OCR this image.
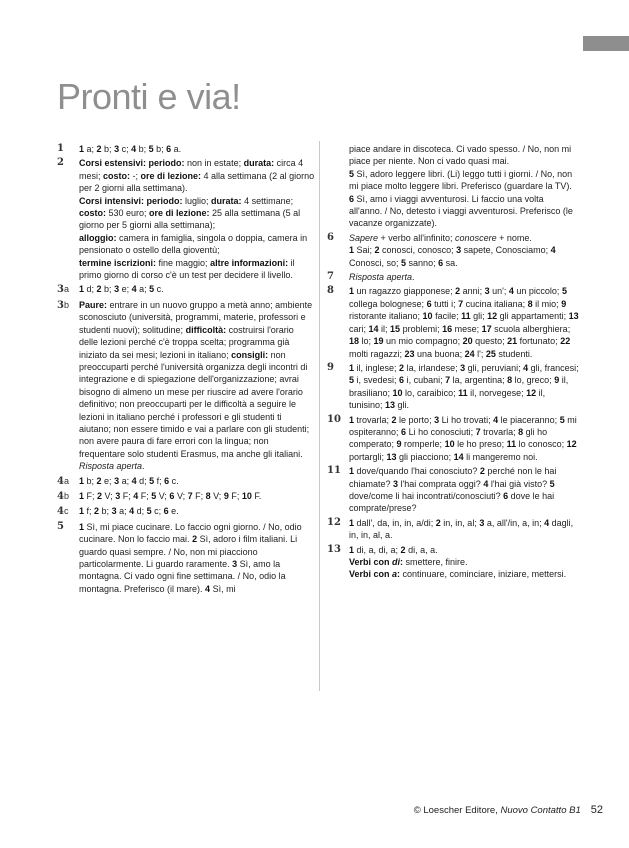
Pronti e via!
1	1 a; 2 b; 3 c; 4 b; 5 b; 6 a.

2	Corsi estensivi: periodo: non in estate; durata: circa 4 mesi; costo: -; ore di lezione: 4 alla settimana (2 al giorno per 2 giorni alla settimana).

Corsi intensivi: periodo: luglio; durata: 4 settimane; costo: 530 euro; ore di lezione: 25 alla settimana (5 al giorno per 5 giorni alla settimana);

alloggio: camera in famiglia, singola o doppia, camera in pensionato o ostello della gioventù;

termine iscrizioni: fine maggio; altre informazioni: il primo giorno di corso c'è un test per decidere il livello.

3a	1 d; 2 b; 3 e; 4 a; 5 c.

3b	Paure: entrare in un nuovo gruppo a metà anno; ambiente sconosciuto (università, programmi, materie, professori e studenti nuovi); solitudine; difficoltà: costruirsi l'orario delle lezioni perché c'è troppa scelta; programma già iniziato da sei mesi; lezioni in italiano; consigli: non preoccuparti perché l'università organizza degli incontri di integrazione e di spiegazione dell'organizzazione; avrai bisogno di almeno un mese per riuscire ad avere l'orario definitivo; non preoccuparti per le difficoltà a seguire le lezioni in italiano perché i professori e gli studenti ti aiutano; non essere timido e vai a parlare con gli studenti; non avere paura di fare errori con la lingua; non frequentare solo studenti Erasmus, ma anche gli italiani.

Risposta aperta.

4a	1 b; 2 e; 3 a; 4 d; 5 f; 6 c.

4b	1 F; 2 V; 3 F; 4 F; 5 V; 6 V; 7 F; 8 V; 9 F; 10 F.

4c	1 f; 2 b; 3 a; 4 d; 5 c; 6 e.

5	1 Sì, mi piace cucinare. Lo faccio ogni giorno. / No, odio cucinare. Non lo faccio mai. 2 Sì, adoro i film italiani. Li guardo quasi sempre. / No, non mi piacciono particolarmente. Li guardo raramente. 3 Sì, amo la montagna. Ci vado ogni fine settimana. / No, odio la montagna. Preferisco (il mare). 4 Sì, mi

piace andare in discoteca. Ci vado spesso. / No, non mi piace per niente. Non ci vado quasi mai.

5 Sì, adoro leggere libri. (Li) leggo tutti i giorni. / No, non mi piace molto leggere libri. Preferisco (guardare la TV). 6 Sì, amo i viaggi avventurosi. Li faccio una volta all'anno. / No, detesto i viaggi avventurosi. Preferisco (le vacanze organizzate).

6	Sapere + verbo all'infinito; conoscere + nome.

1 Sai; 2 conosci, conosco; 3 sapete, Conosciamo; 4 Conosci, so; 5 sanno; 6 sa.

7	Risposta aperta.

8	1 un ragazzo giapponese; 2 anni; 3 un'; 4 un piccolo; 5 collega bolognese; 6 tutti i; 7 cucina italiana; 8 il mio; 9 ristorante italiano; 10 facile; 11 gli; 12 gli appartamenti; 13 cari; 14 il; 15 problemi; 16 mese; 17 scuola alberghiera; 18 lo; 19 un mio compagno; 20 questo; 21 fortunato; 22 molti ragazzi; 23 una buona; 24 l'; 25 studenti.

9	1 il, inglese; 2 la, irlandese; 3 gli, peruviani; 4 gli, francesi; 5 i, svedesi; 6 i, cubani; 7 la, argentina; 8 lo, greco; 9 il, brasiliano; 10 lo, caraibico; 11 il, norvegese; 12 il, tunisino; 13 gli.

10 1 trovarla; 2 le porto; 3 Li ho trovati; 4 le piaceranno; 5 mi ospiteranno; 6 Li ho conosciuti; 7 trovarla; 8 gli ho comperato; 9 romperle; 10 le ho preso; 11 lo conosco; 12 portargli; 13 gli piacciono; 14 li mangeremo noi.

11 1 dove/quando l'hai conosciuto? 2 perché non le hai chiamate? 3 l'hai comprata oggi? 4 l'hai già visto? 5 dove/come li hai incontrati/conosciuti? 6 dove le hai comprate/prese?

12 1 dall', da, in, in, a/di; 2 in, in, al; 3 a, all'/in, a, in; 4 dagli, in, in, al, a.

13 1 di, a, di, a; 2 di, a, a.

Verbi con di: smettere, finire.

Verbi con a: continuare, cominciare, iniziare, mettersi.

© Loescher Editore, Nuovo Contatto B1 52
